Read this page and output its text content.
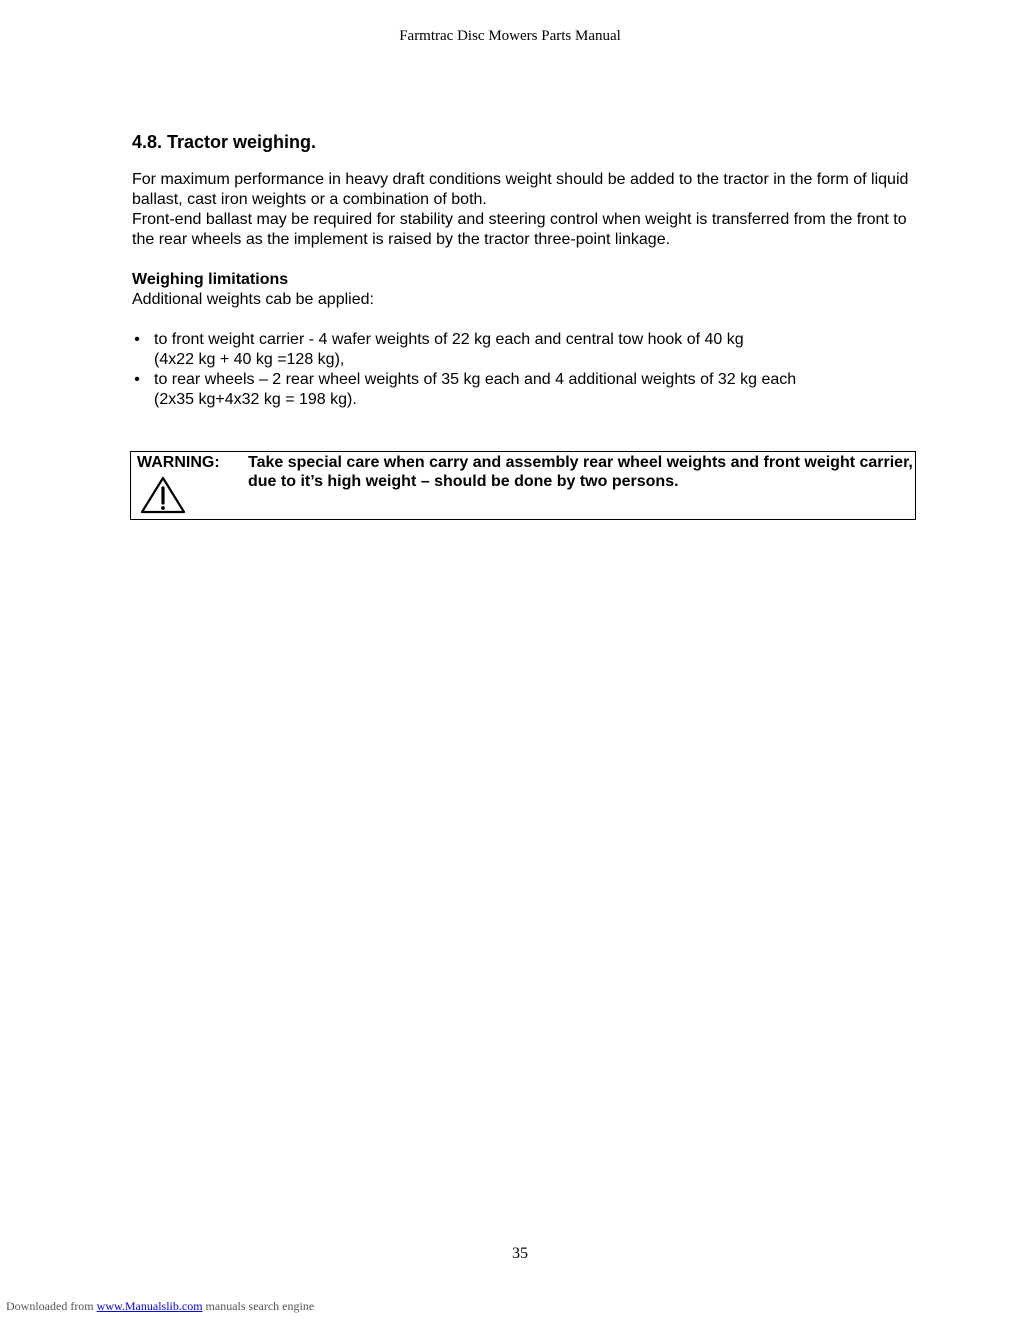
Farmtrac Disc Mowers Parts Manual
4.8. Tractor weighing.

For maximum performance in heavy draft conditions weight should be added to the tractor in the form of liquid ballast, cast iron weights or a combination of both.

Front-end ballast may be required for stability and steering control when weight is transferred from the front to the rear wheels as the implement is raised by the tractor three-point linkage.

Weighing limitations

Additional weights cab be applied:

• to front weight carrier - 4 wafer weights of 22 kg each and central tow hook of 40 kg
(4x22 kg + 40 kg =128 kg),
• to rear wheels – 2 rear wheel weights of 35 kg each and 4 additional weights of 32 kg each
(2x35 kg+4x32 kg = 198 kg).
WARNING: Take special care when carry and assembly rear wheel weights and front weight carrier, due to it’s high weight – should be done by two persons.
35
Downloaded from www.Manualslib.com manuals search engine
